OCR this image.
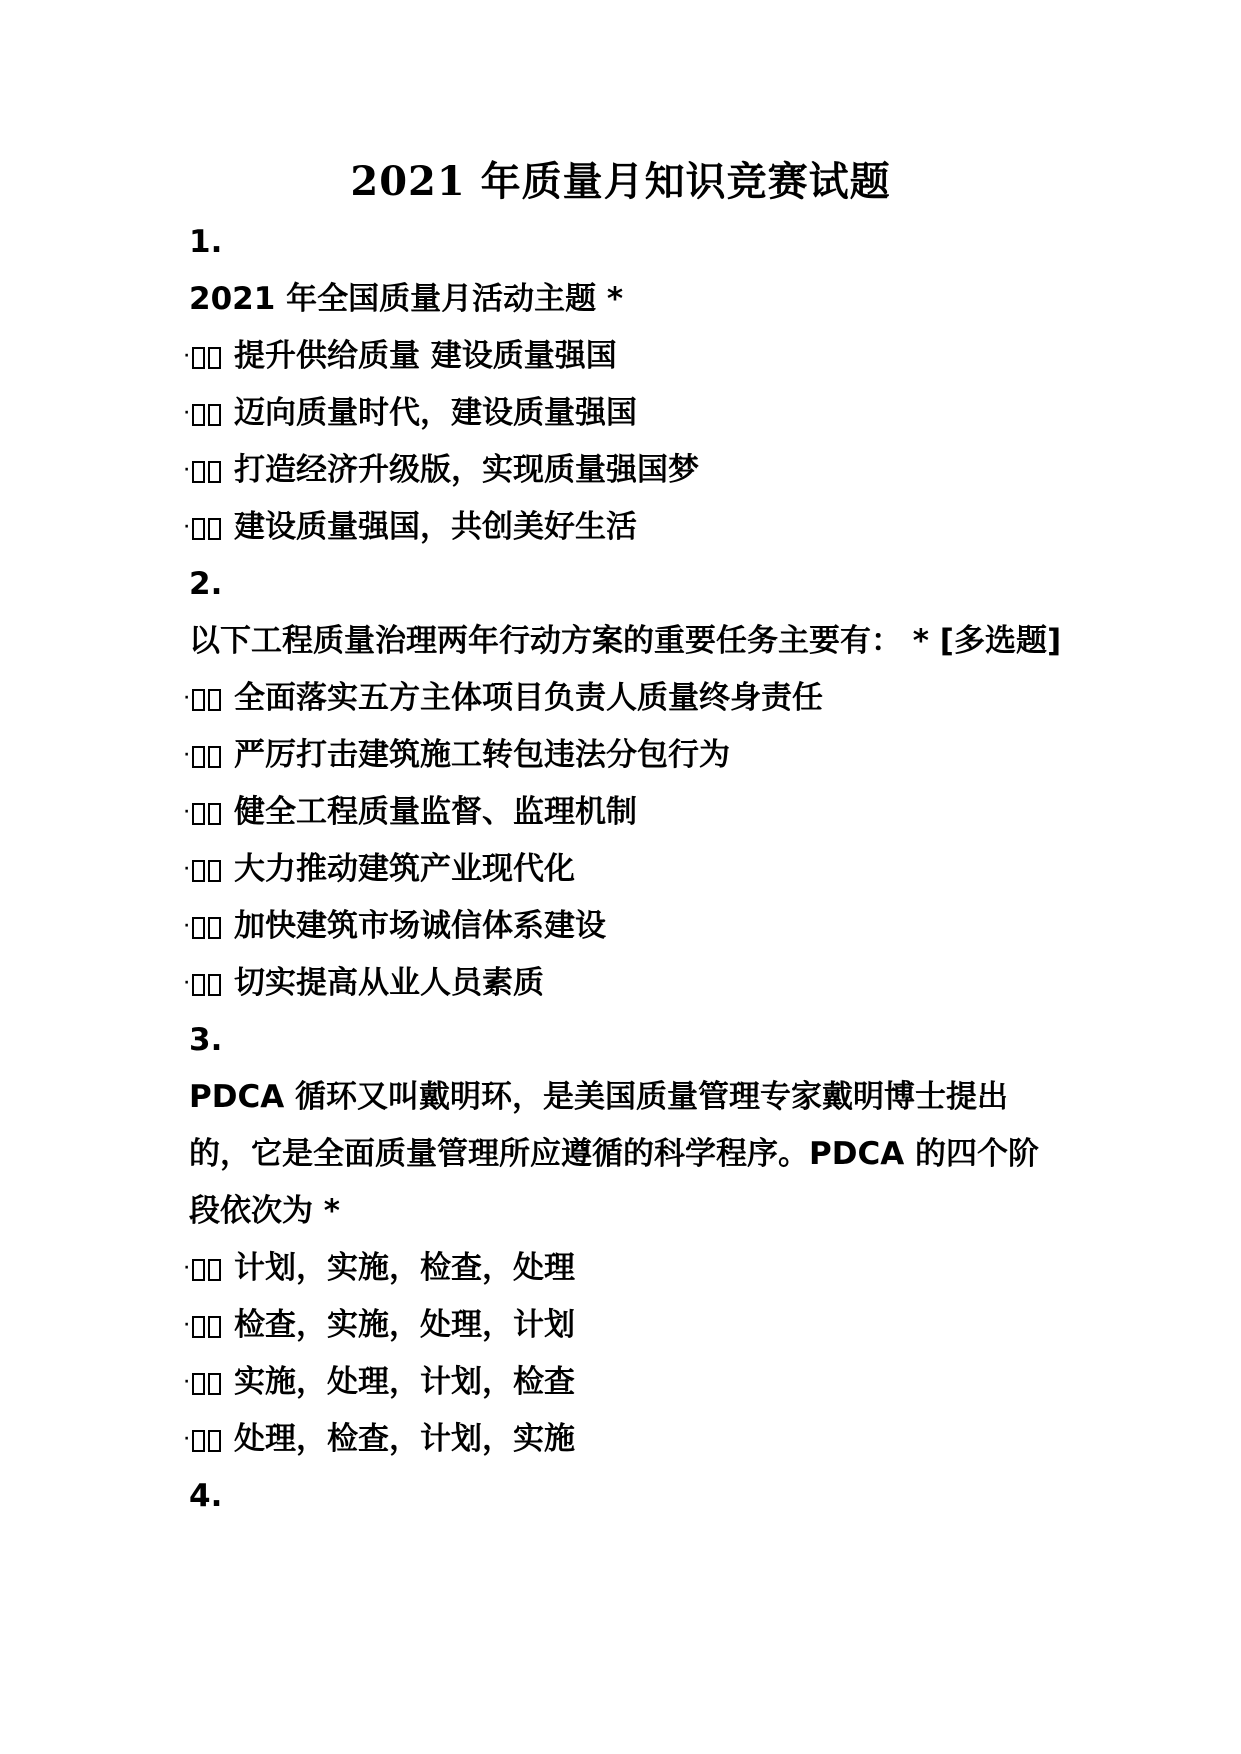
2021 年质量月知识竞赛试题
1.
2021 年全国质量月活动主题 *
· 提升供给质量 建设质量强国
· 迈向质量时代，建设质量强国
· 打造经济升级版，实现质量强国梦
· 建设质量强国，共创美好生活
2.
以下工程质量治理两年行动方案的重要任务主要有： * [多选题]
· 全面落实五方主体项目负责人质量终身责任
· 严厉打击建筑施工转包违法分包行为
· 健全工程质量监督、监理机制
· 大力推动建筑产业现代化
· 加快建筑市场诚信体系建设
· 切实提高从业人员素质
3.
PDCA 循环又叫戴明环，是美国质量管理专家戴明博士提出的，它是全面质量管理所应遵循的科学程序。PDCA 的四个阶段依次为 *
· 计划，实施，检查，处理
· 检查，实施，处理，计划
· 实施，处理，计划，检查
· 处理，检查，计划，实施
4.
